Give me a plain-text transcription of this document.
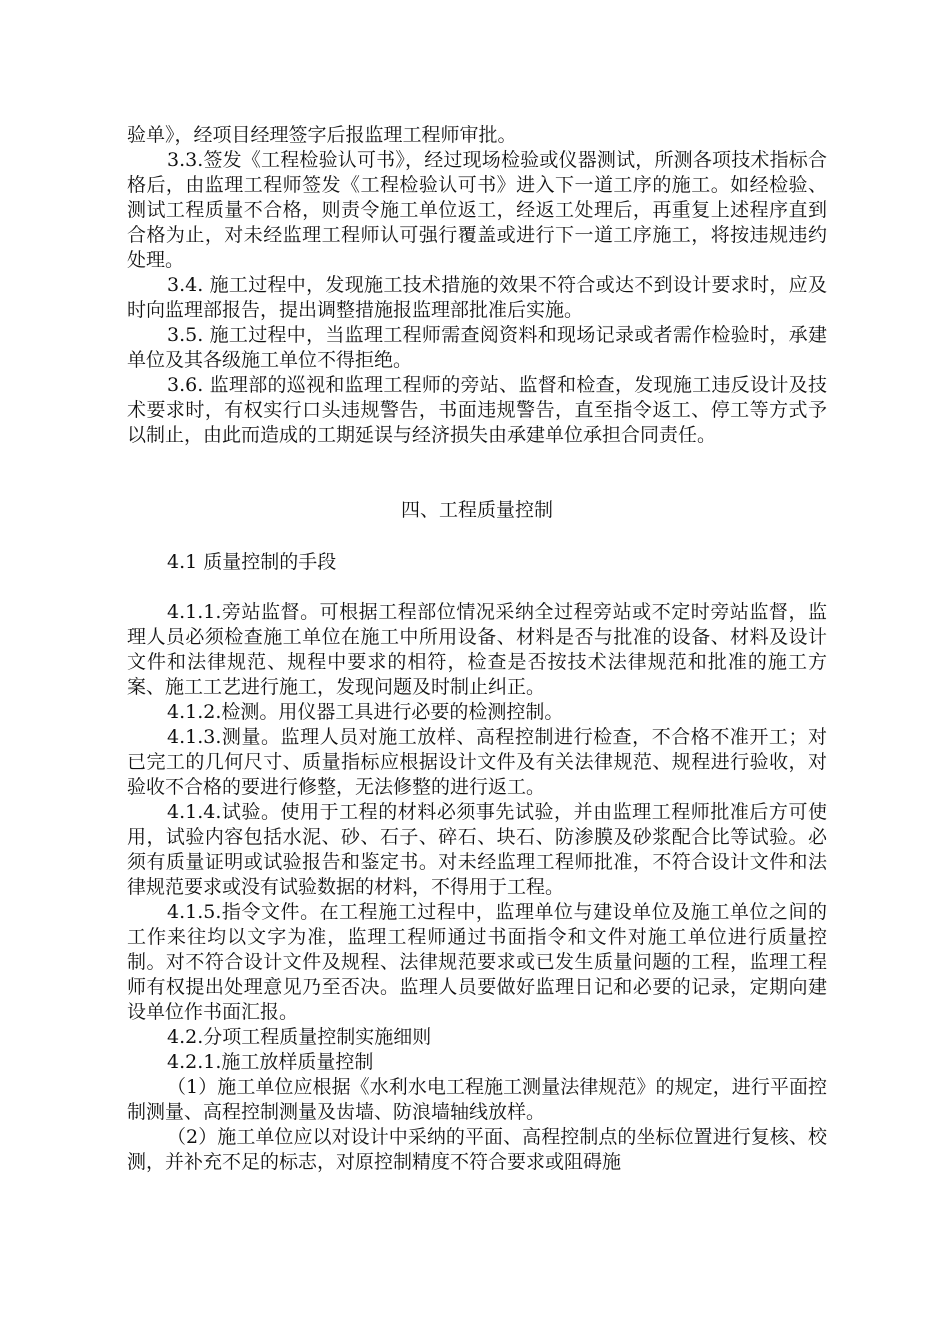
验单》，经项目经理签字后报监理工程师审批。

3.3.签发《工程检验认可书》，经过现场检验或仪器测试，所测各项技术指标合格后，由监理工程师签发《工程检验认可书》进入下一道工序的施工。如经检验、测试工程质量不合格，则责令施工单位返工，经返工处理后，再重复上述程序直到合格为止，对未经监理工程师认可强行覆盖或进行下一道工序施工，将按违规违约处理。

3.4. 施工过程中，发现施工技术措施的效果不符合或达不到设计要求时，应及时向监理部报告，提出调整措施报监理部批准后实施。

3.5. 施工过程中，当监理工程师需查阅资料和现场记录或者需作检验时，承建单位及其各级施工单位不得拒绝。

3.6. 监理部的巡视和监理工程师的旁站、监督和检查，发现施工违反设计及技术要求时，有权实行口头违规警告，书面违规警告，直至指令返工、停工等方式予以制止，由此而造成的工期延误与经济损失由承建单位承担合同责任。

四、工程质量控制

4.1 质量控制的手段

4.1.1.旁站监督。可根据工程部位情况采纳全过程旁站或不定时旁站监督，监理人员必须检查施工单位在施工中所用设备、材料是否与批准的设备、材料及设计文件和法律规范、规程中要求的相符，检查是否按技术法律规范和批准的施工方案、施工工艺进行施工，发现问题及时制止纠正。

4.1.2.检测。用仪器工具进行必要的检测控制。

4.1.3.测量。监理人员对施工放样、高程控制进行检查，不合格不准开工；对已完工的几何尺寸、质量指标应根据设计文件及有关法律规范、规程进行验收，对验收不合格的要进行修整，无法修整的进行返工。

4.1.4.试验。使用于工程的材料必须事先试验，并由监理工程师批准后方可使用，试验内容包括水泥、砂、石子、碎石、块石、防渗膜及砂浆配合比等试验。必须有质量证明或试验报告和鉴定书。对未经监理工程师批准，不符合设计文件和法律规范要求或没有试验数据的材料，不得用于工程。

4.1.5.指令文件。在工程施工过程中，监理单位与建设单位及施工单位之间的工作来往均以文字为准，监理工程师通过书面指令和文件对施工单位进行质量控制。对不符合设计文件及规程、法律规范要求或已发生质量问题的工程，监理工程师有权提出处理意见乃至否决。监理人员要做好监理日记和必要的记录，定期向建设单位作书面汇报。

4.2.分项工程质量控制实施细则

4.2.1.施工放样质量控制

（1）施工单位应根据《水利水电工程施工测量法律规范》的规定，进行平面控制测量、高程控制测量及齿墙、防浪墙轴线放样。

（2）施工单位应以对设计中采纳的平面、高程控制点的坐标位置进行复核、校测，并补充不足的标志，对原控制精度不符合要求或阻碍施
